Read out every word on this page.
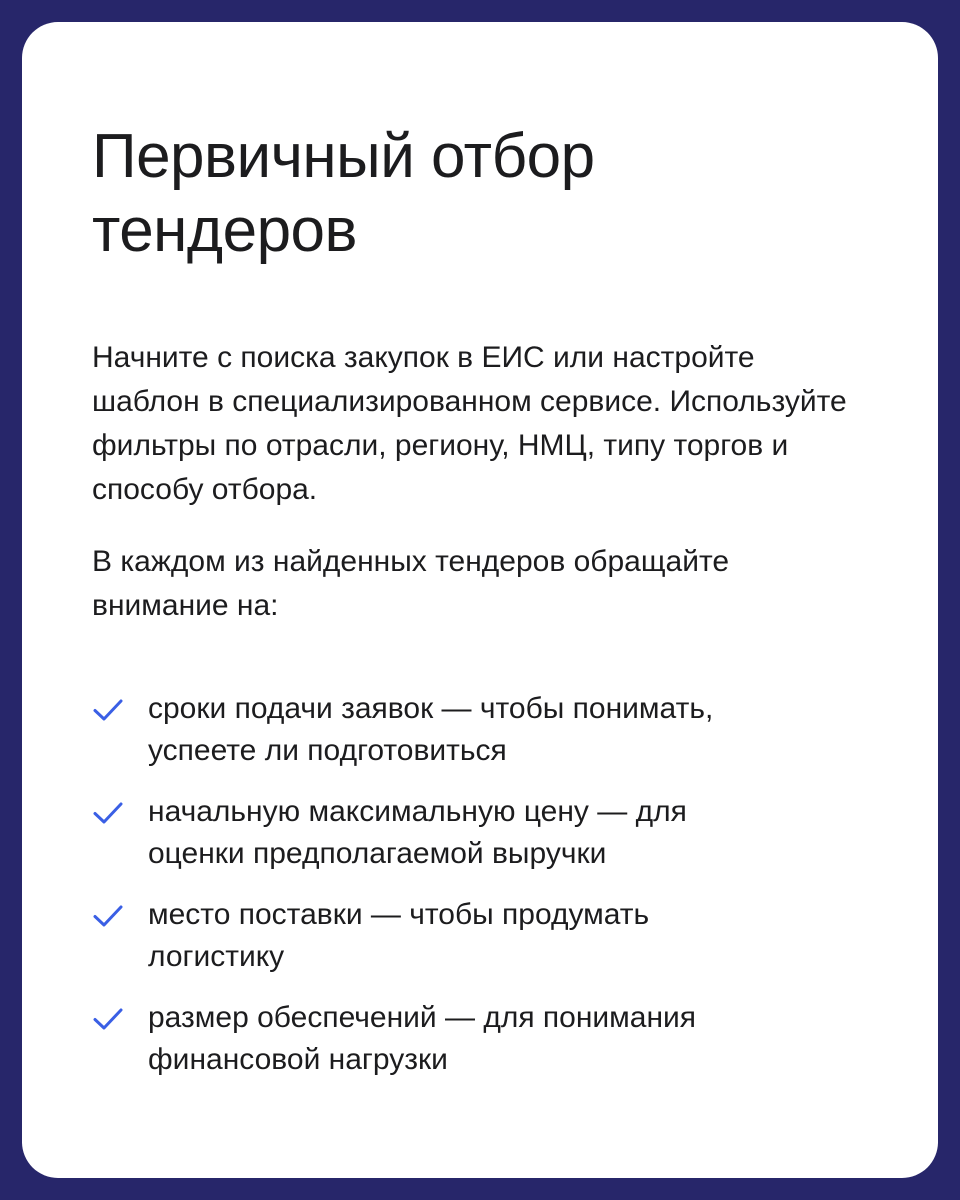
Первичный отбор тендеров

Начните с поиска закупок в ЕИС или настройте шаблон в специализированном сервисе. Используйте фильтры по отрасли, региону, НМЦ, типу торгов и способу отбора.

В каждом из найденных тендеров обращайте внимание на:

сроки подачи заявок — чтобы понимать, успеете ли подготовиться
начальную максимальную цену — для оценки предполагаемой выручки
место поставки — чтобы продумать логистику
размер обеспечений — для понимания финансовой нагрузки
